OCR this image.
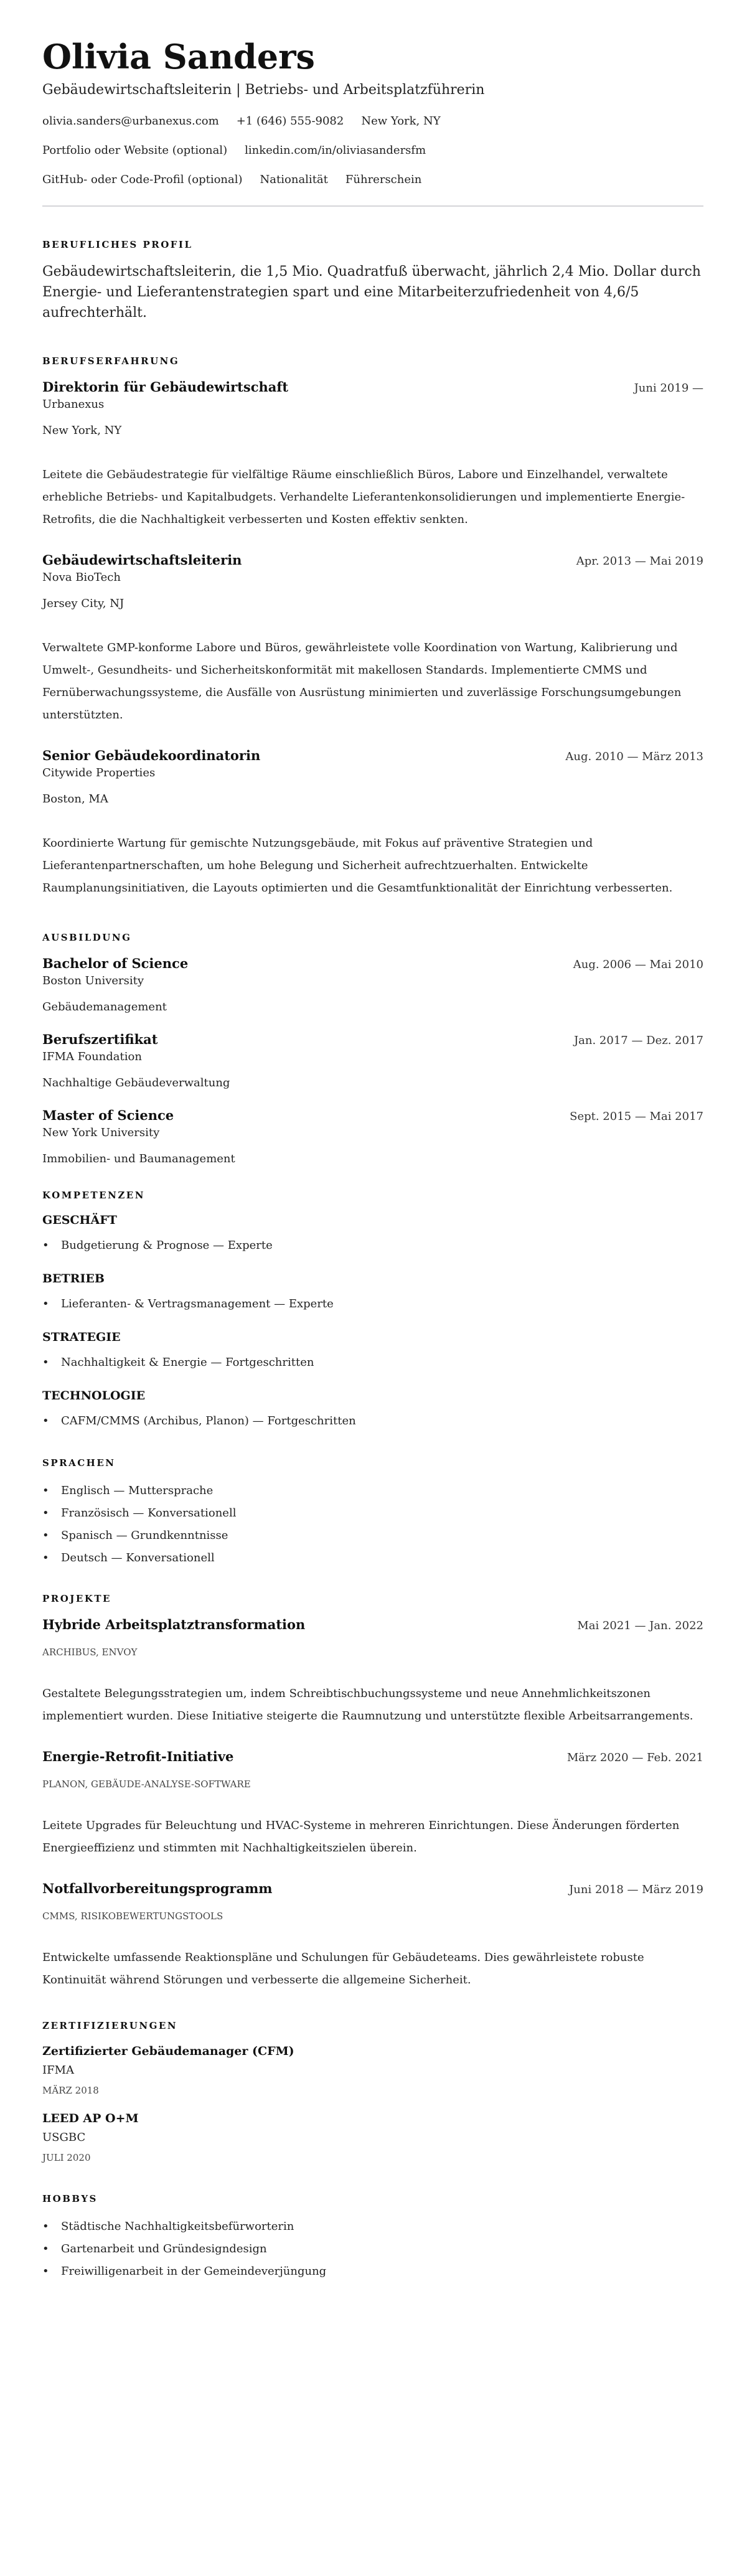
Olivia Sanders
Gebäudewirtschaftsleiterin | Betriebs- und Arbeitsplatzführerin
olivia.sanders@urbanexus.com +1 (646) 555-9082 New York, NY
Portfolio oder Website (optional) linkedin.com/in/oliviasandersfm
GitHub- oder Code-Profil (optional) Nationalität Führerschein
BERUFLICHES PROFIL

Gebäudewirtschaftsleiterin, die 1,5 Mio. Quadratfuß überwacht, jährlich 2,4 Mio. Dollar durch Energie- und Lieferantenstrategien spart und eine Mitarbeiterzufriedenheit von 4,6/5 aufrechterhält.

BERUFSERFAHRUNG
Direktorin für Gebäudewirtschaft	Juni 2019 —
Urbanexus
New York, NY
Leitete die Gebäudestrategie für vielfältige Räume einschließlich Büros, Labore und Einzelhandel, verwaltete erhebliche Betriebs- und Kapitalbudgets. Verhandelte Lieferantenkonsolidierungen und implementierte Energie-Retrofits, die die Nachhaltigkeit verbesserten und Kosten effektiv senkten.
Gebäudewirtschaftsleiterin	Apr. 2013 — Mai 2019
Nova BioTech
Jersey City, NJ
Verwaltete GMP-konforme Labore und Büros, gewährleistete volle Koordination von Wartung, Kalibrierung und Umwelt-, Gesundheits- und Sicherheitskonformität mit makellosen Standards. Implementierte CMMS und Fernüberwachungssysteme, die Ausfälle von Ausrüstung minimierten und zuverlässige Forschungsumgebungen unterstützten.
Senior Gebäudekoordinatorin	Aug. 2010 — März 2013
Citywide Properties
Boston, MA
Koordinierte Wartung für gemischte Nutzungsgebäude, mit Fokus auf präventive Strategien und Lieferantenpartnerschaften, um hohe Belegung und Sicherheit aufrechtzuerhalten. Entwickelte Raumplanungsinitiativen, die Layouts optimierten und die Gesamtfunktionalität der Einrichtung verbesserten.
AUSBILDUNG
Bachelor of Science	Aug. 2006 — Mai 2010
Boston University
Gebäudemanagement
Berufszertifikat	Jan. 2017 — Dez. 2017
IFMA Foundation
Nachhaltige Gebäudeverwaltung
Master of Science	Sept. 2015 — Mai 2017
New York University
Immobilien- und Baumanagement
KOMPETENZEN
GESCHÄFT
• Budgetierung & Prognose — Experte
BETRIEB
• Lieferanten- & Vertragsmanagement — Experte
STRATEGIE
• Nachhaltigkeit & Energie — Fortgeschritten
TECHNOLOGIE
• CAFM/CMMS (Archibus, Planon) — Fortgeschritten
SPRACHEN
• Englisch — Muttersprache
• Französisch — Konversationell
• Spanisch — Grundkenntnisse
• Deutsch — Konversationell
PROJEKTE
Hybride Arbeitsplatztransformation	Mai 2021 — Jan. 2022
ARCHIBUS, ENVOY
Gestaltete Belegungsstrategien um, indem Schreibtischbuchungssysteme und neue Annehmlichkeitszonen implementiert wurden. Diese Initiative steigerte die Raumnutzung und unterstützte flexible Arbeitsarrangements.
Energie-Retrofit-Initiative	März 2020 — Feb. 2021
PLANON, GEBÄUDE-ANALYSE-SOFTWARE
Leitete Upgrades für Beleuchtung und HVAC-Systeme in mehreren Einrichtungen. Diese Änderungen förderten Energieeffizienz und stimmten mit Nachhaltigkeitszielen überein.
Notfallvorbereitungsprogramm	Juni 2018 — März 2019
CMMS, RISIKOBEWERTUNGSTOOLS
Entwickelte umfassende Reaktionspläne und Schulungen für Gebäudeteams. Dies gewährleistete robuste Kontinuität während Störungen und verbesserte die allgemeine Sicherheit.
ZERTIFIZIERUNGEN
Zertifizierter Gebäudemanager (CFM)
IFMA
MÄRZ 2018
LEED AP O+M
USGBC
JULI 2020
HOBBYS
• Städtische Nachhaltigkeitsbefürworterin
• Gartenarbeit und Gründesigndesign
• Freiwilligenarbeit in der Gemeindeverjüngung
